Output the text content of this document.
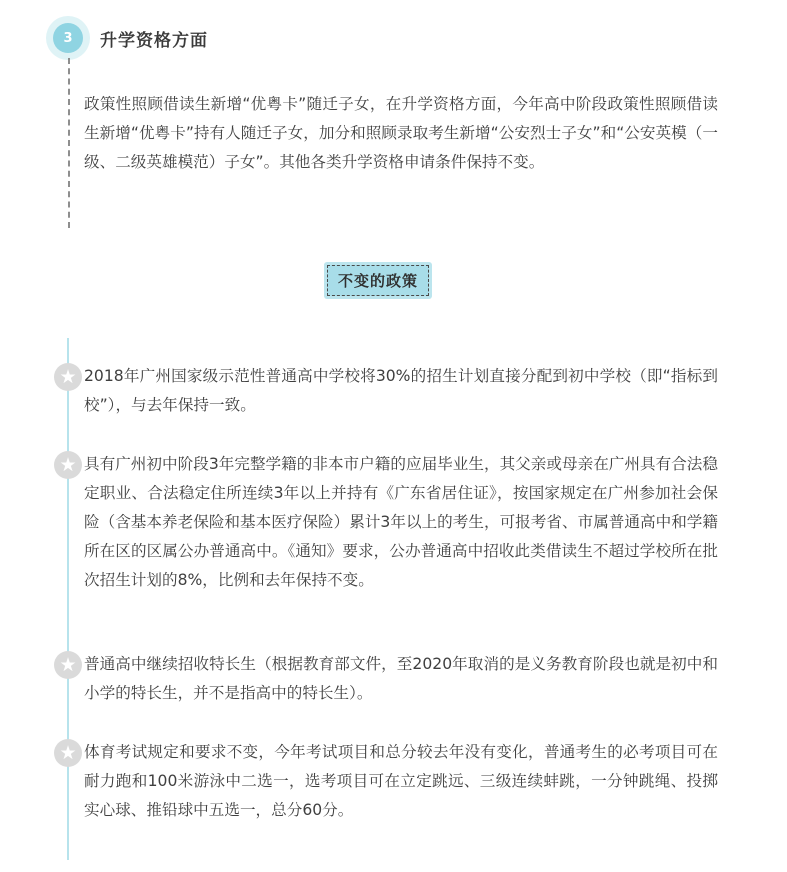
3	升学资格方面
政策性照顾借读生新增“优粤卡”随迁子女，在升学资格方面，今年高中阶段政策性照顾借读生新增“优粤卡”持有人随迁子女，加分和照顾录取考生新增“公安烈士子女”和“公安英模（一级、二级英雄模范）子女”。其他各类升学资格申请条件保持不变。
不变的政策
★ 2018年广州国家级示范性普通高中学校将30%的招生计划直接分配到初中学校（即“指标到校”），与去年保持一致。

★ 具有广州初中阶段3年完整学籍的非本市户籍的应届毕业生，其父亲或母亲在广州具有合法稳定职业、合法稳定住所连续3年以上并持有《广东省居住证》，按国家规定在广州参加社会保险（含基本养老保险和基本医疗保险）累计3年以上的考生，可报考省、市属普通高中和学籍所在区的区属公办普通高中。《通知》要求，公办普通高中招收此类借读生不超过学校所在批次招生计划的8%，比例和去年保持不变。

★ 普通高中继续招收特长生（根据教育部文件，至2020年取消的是义务教育阶段也就是初中和小学的特长生，并不是指高中的特长生）。

★ 体育考试规定和要求不变，今年考试项目和总分较去年没有变化，普通考生的必考项目可在耐力跑和100米游泳中二选一，选考项目可在立定跳远、三级连续蚌跳，一分钟跳绳、投掷实心球、推铅球中五选一，总分60分。
